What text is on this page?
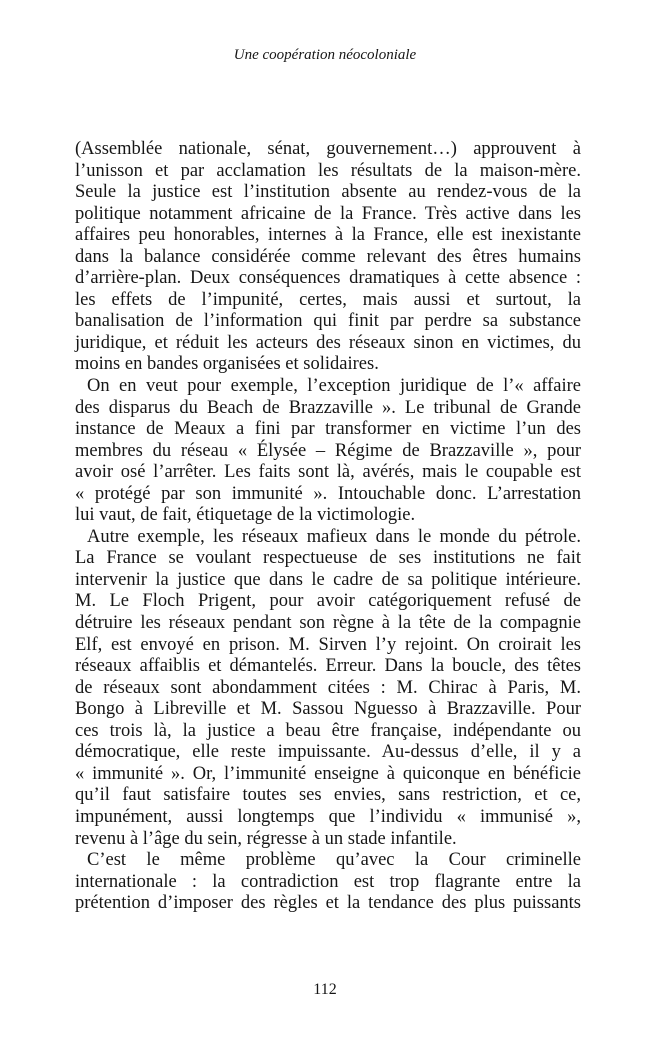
Une coopération néocoloniale
(Assemblée nationale, sénat, gouvernement…) approuvent à
l’unisson et par acclamation les résultats de la maison-mère.
Seule la justice est l’institution absente au rendez-vous de la
politique notamment africaine de la France. Très active dans les
affaires peu honorables, internes à la France, elle est inexistante
dans la balance considérée comme relevant des êtres humains
d’arrière-plan. Deux conséquences dramatiques à cette absence :
les effets de l’impunité, certes, mais aussi et surtout, la
banalisation de l’information qui finit par perdre sa substance
juridique, et réduit les acteurs des réseaux sinon en victimes, du
moins en bandes organisées et solidaires.
On en veut pour exemple, l’exception juridique de l’« affaire
des disparus du Beach de Brazzaville ». Le tribunal de Grande
instance de Meaux a fini par transformer en victime l’un des
membres du réseau « Élysée – Régime de Brazzaville », pour
avoir osé l’arrêter. Les faits sont là, avérés, mais le coupable est
« protégé par son immunité ». Intouchable donc. L’arrestation
lui vaut, de fait, étiquetage de la victimologie.
Autre exemple, les réseaux mafieux dans le monde du pétrole.
La France se voulant respectueuse de ses institutions ne fait
intervenir la justice que dans le cadre de sa politique intérieure.
M. Le Floch Prigent, pour avoir catégoriquement refusé de
détruire les réseaux pendant son règne à la tête de la compagnie
Elf, est envoyé en prison. M. Sirven l’y rejoint. On croirait les
réseaux affaiblis et démantelés. Erreur. Dans la boucle, des têtes
de réseaux sont abondamment citées : M. Chirac à Paris, M.
Bongo à Libreville et M. Sassou Nguesso à Brazzaville. Pour
ces trois là, la justice a beau être française, indépendante ou
démocratique, elle reste impuissante. Au-dessus d’elle, il y a
« immunité ». Or, l’immunité enseigne à quiconque en bénéficie
qu’il faut satisfaire toutes ses envies, sans restriction, et ce,
impunément, aussi longtemps que l’individu « immunisé »,
revenu à l’âge du sein, régresse à un stade infantile.
C’est le même problème qu’avec la Cour criminelle
internationale : la contradiction est trop flagrante entre la
prétention d’imposer des règles et la tendance des plus puissants
112
